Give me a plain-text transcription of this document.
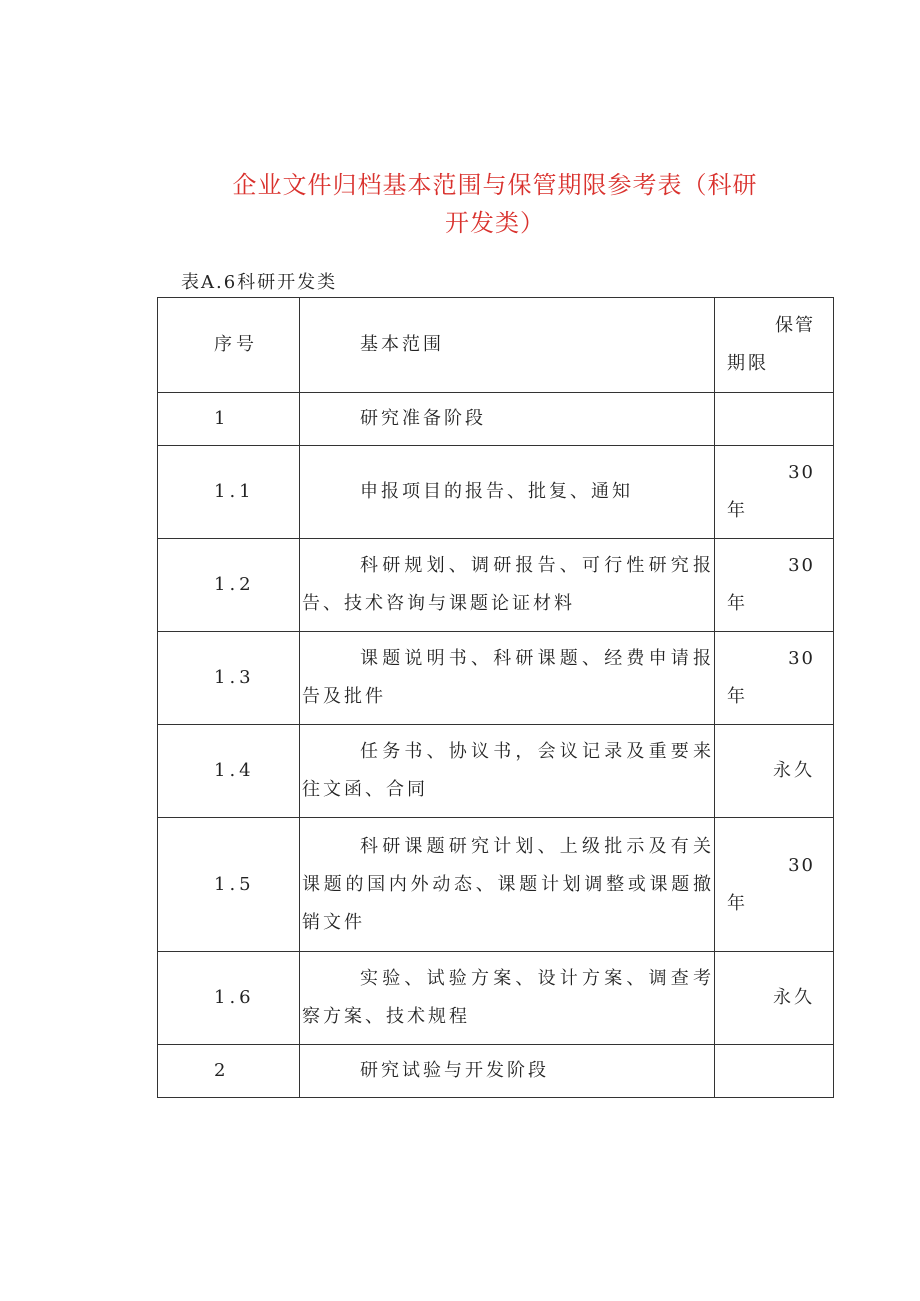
企业文件归档基本范围与保管期限参考表（科研
开发类）
表A.6科研开发类
序号	基本范围	保管
期限

1	研究准备阶段	
1.1	申报项目的报告、批复、通知	30
年

1.2	科研规划、调研报告、可行性研究报告、技术咨询与课题论证材料	30
年

1.3	课题说明书、科研课题、经费申请报告及批件	30
年

1.4	任务书、协议书，会议记录及重要来往文函、合同	永久

1.5	科研课题研究计划、上级批示及有关课题的国内外动态、课题计划调整或课题撤销文件	30
年

1.6	实验、试验方案、设计方案、调查考察方案、技术规程	永久

2	研究试验与开发阶段	
